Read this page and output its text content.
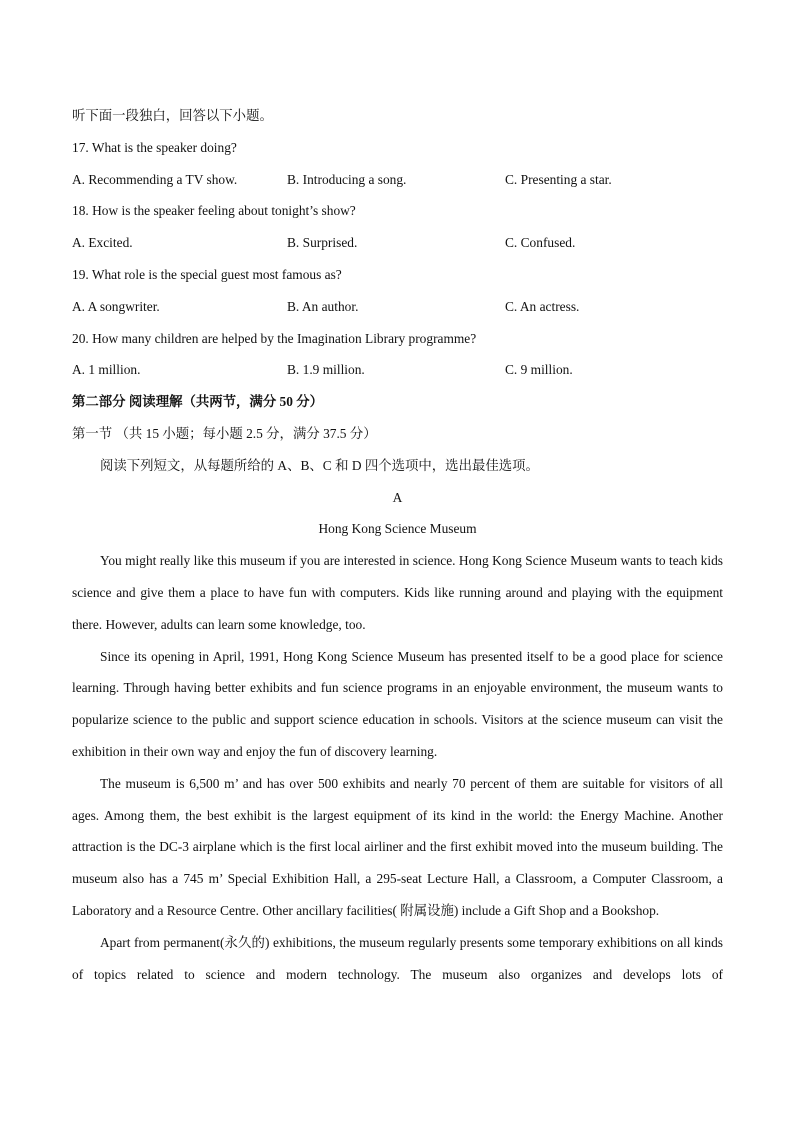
听下面一段独白，回答以下小题。
17. What is the speaker doing?
A. Recommending a TV show.	B. Introducing a song.	C. Presenting a star.
18. How is the speaker feeling about tonight’s show?
A. Excited.	B. Surprised.	C. Confused.
19. What role is the special guest most famous as?
A. A songwriter.	B. An author.	C. An actress.
20. How many children are helped by the Imagination Library programme?
A. 1 million.	B. 1.9 million.	C. 9 million.
第二部分 阅读理解（共两节，满分 50 分）
第一节 （共 15 小题；每小题 2.5 分，满分 37.5 分）
阅读下列短文，从每题所给的 A、B、C 和 D 四个选项中，选出最佳选项。
A
Hong Kong Science Museum

You might really like this museum if you are interested in science. Hong Kong Science Museum wants to teach kids science and give them a place to have fun with computers. Kids like running around and playing with the equipment there. However, adults can learn some knowledge, too.

Since its opening in April, 1991, Hong Kong Science Museum has presented itself to be a good place for science learning. Through having better exhibits and fun science programs in an enjoyable environment, the museum wants to popularize science to the public and support science education in schools. Visitors at the science museum can visit the exhibition in their own way and enjoy the fun of discovery learning.

The museum is 6,500 m’ and has over 500 exhibits and nearly 70 percent of them are suitable for visitors of all ages. Among them, the best exhibit is the largest equipment of its kind in the world: the Energy Machine. Another attraction is the DC-3 airplane which is the first local airliner and the first exhibit moved into the museum building. The museum also has a 745 m’ Special Exhibition Hall, a 295-seat Lecture Hall, a Classroom, a Computer Classroom, a Laboratory and a Resource Centre. Other ancillary facilities( 附属设施) include a Gift Shop and a Bookshop.

Apart from permanent(永久的) exhibitions, the museum regularly presents some temporary exhibitions on all kinds of topics related to science and modern technology. The museum also organizes and develops lots of
